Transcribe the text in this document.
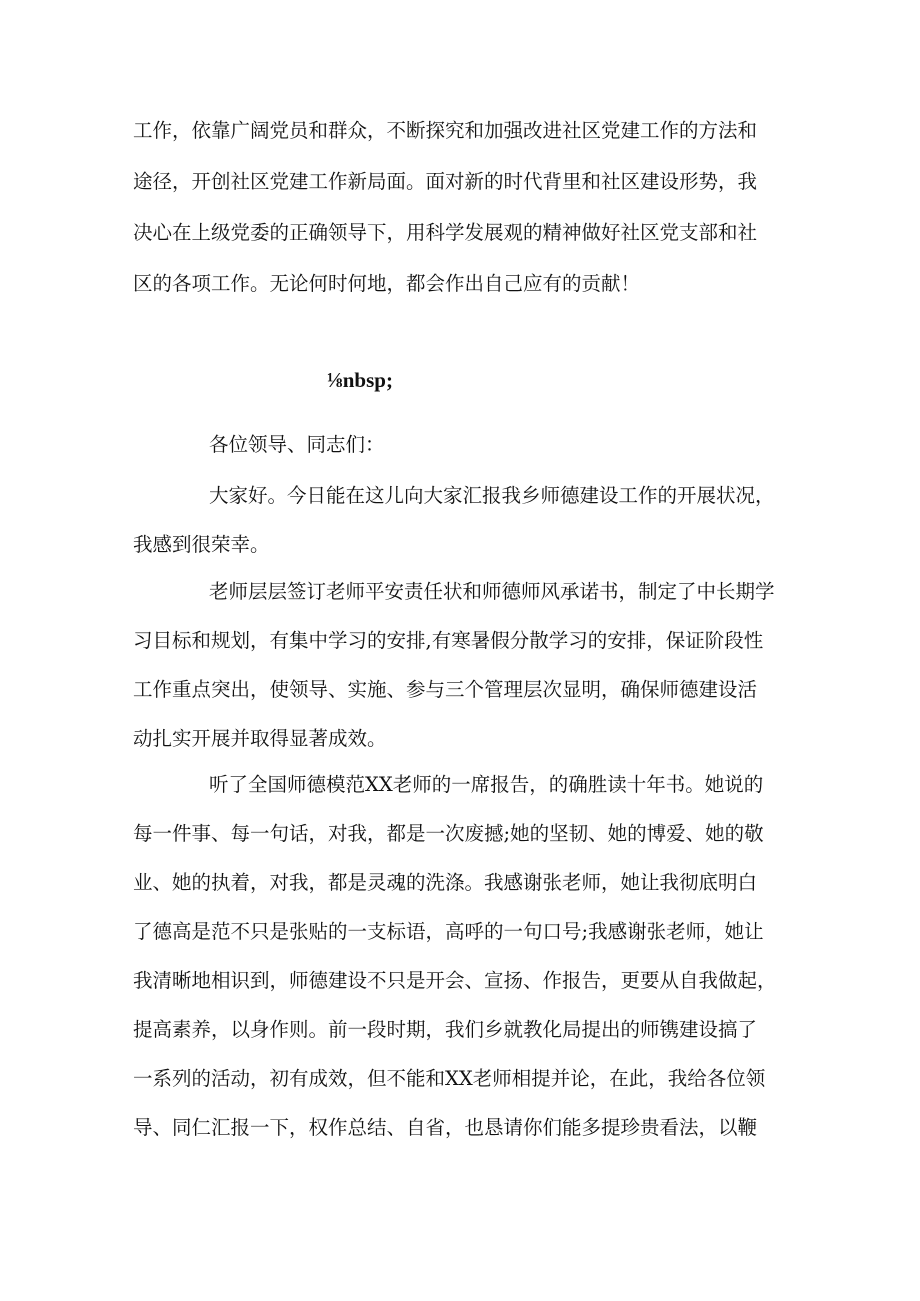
工作，依靠广阔党员和群众，不断探究和加强改进社区党建工作的方法和
途径，开创社区党建工作新局面。面对新的时代背里和社区建设形势，我
决心在上级党委的正确领导下，用科学发展观的精神做好社区党支部和社
区的各项工作。无论何时何地，都会作出自己应有的贡献！
⅛nbsp;
各位领导、同志们：
大家好。今日能在这儿向大家汇报我乡师德建设工作的开展状况，
我感到很荣幸。
老师层层签订老师平安责任状和师德师风承诺书，制定了中长期学
习目标和规划，有集中学习的安排,有寒暑假分散学习的安排，保证阶段性
工作重点突出，使领导、实施、参与三个管理层次显明，确保师德建设活
动扎实开展并取得显著成效。
听了全国师德模范XX老师的一席报告，的确胜读十年书。她说的
每一件事、每一句话，对我，都是一次废撼;她的坚韧、她的博爱、她的敬
业、她的执着，对我，都是灵魂的洗涤。我感谢张老师，她让我彻底明白
了德高是范不只是张贴的一支标语，高呼的一句口号;我感谢张老师，她让
我清晰地相识到，师德建设不只是开会、宣扬、作报告，更要从自我做起，
提高素养，以身作则。前一段时期，我们乡就教化局提出的师镌建设搞了
一系列的活动，初有成效，但不能和XX老师相提并论，在此，我给各位领
导、同仁汇报一下，权作总结、自省，也恳请你们能多提珍贵看法，以鞭
